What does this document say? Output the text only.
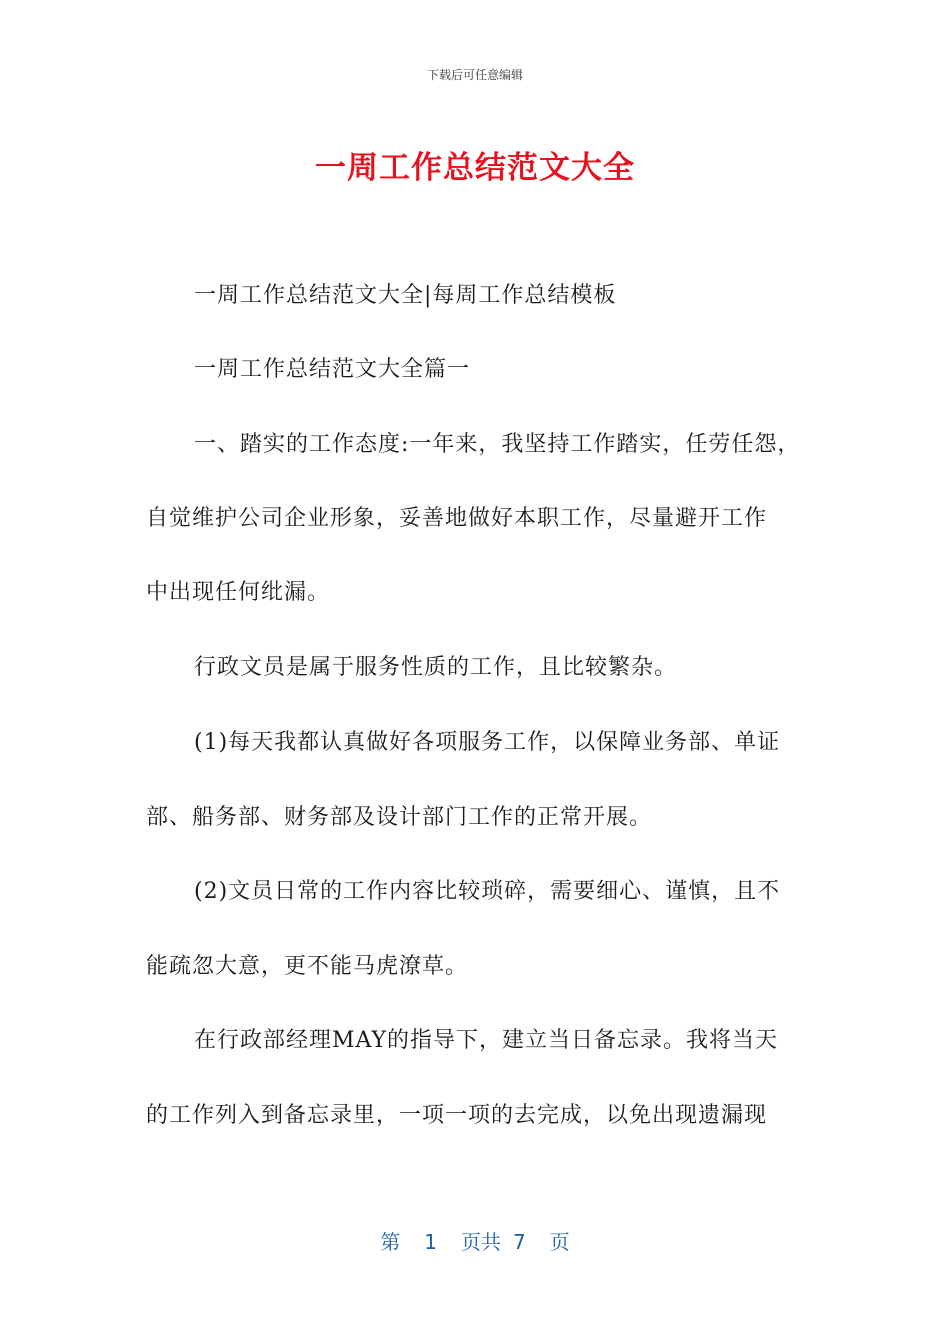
下载后可任意编辑
一周工作总结范文大全
一周工作总结范文大全|每周工作总结模板
一周工作总结范文大全篇一
一、踏实的工作态度:一年来，我坚持工作踏实，任劳任怨，
自觉维护公司企业形象，妥善地做好本职工作，尽量避开工作
中出现任何纰漏。
行政文员是属于服务性质的工作，且比较繁杂。
(1)每天我都认真做好各项服务工作，以保障业务部、单证
部、船务部、财务部及设计部门工作的正常开展。
(2)文员日常的工作内容比较琐碎，需要细心、谨慎，且不
能疏忽大意，更不能马虎潦草。
在行政部经理MAY的指导下，建立当日备忘录。我将当天
的工作列入到备忘录里，一项一项的去完成，以免出现遗漏现
第 1 页共 7 页
